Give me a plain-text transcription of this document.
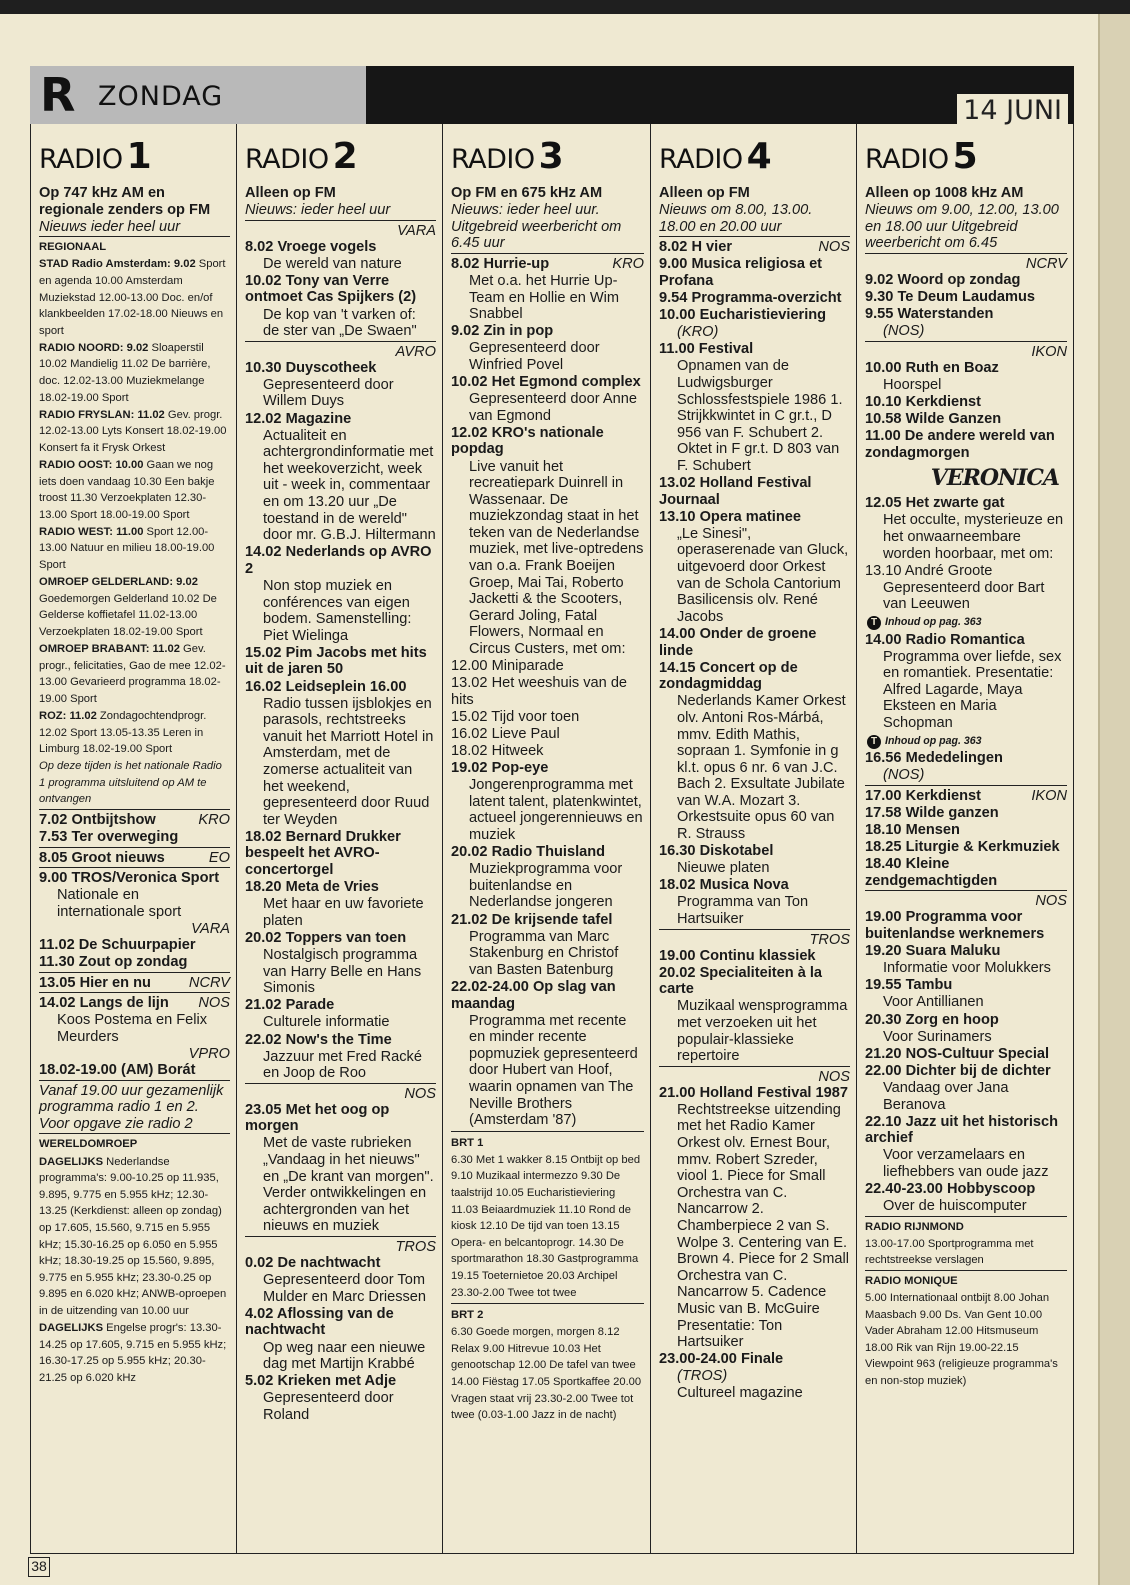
R ZONDAG	14 JUNI
RADIO 1
Op 747 kHz AM en regionale zenders op FM
Nieuws ieder heel uur
REGIONAAL
STAD Radio Amsterdam: 9.02 Sport en agenda 10.00 Amsterdam Muziekstad 12.00-13.00 Doc. en/of klankbeelden 17.02-18.00 Nieuws en sport
RADIO NOORD: 9.02 Sloaperstil 10.02 Mandielig 11.02 De barrière, doc. 12.02-13.00 Muziekmelange 18.02-19.00 Sport
RADIO FRYSLAN: 11.02 Gev. progr. 12.02-13.00 Lyts Konsert 18.02-19.00 Konsert fa it Frysk Orkest
RADIO OOST: 10.00 Gaan we nog iets doen vandaag 10.30 Een bakje troost 11.30 Verzoekplaten 12.30-13.00 Sport 18.00-19.00 Sport
RADIO WEST: 11.00 Sport 12.00-13.00 Natuur en milieu 18.00-19.00 Sport
OMROEP GELDERLAND: 9.02 Goedemorgen Gelderland 10.02 De Gelderse koffietafel 11.02-13.00 Verzoekplaten 18.02-19.00 Sport
OMROEP BRABANT: 11.02 Gev. progr., felicitaties, Gao de mee 12.02-13.00 Gevarieerd programma 18.02-19.00 Sport
ROZ: 11.02 Zondagochtendprogr. 12.02 Sport 13.05-13.35 Leren in Limburg 18.02-19.00 Sport
Op deze tijden is het nationale Radio 1 programma uitsluitend op AM te ontvangen
KRO
7.02 Ontbijtshow
7.53 Ter overweging
EO
8.05 Groot nieuws
9.00 TROS/Veronica Sport
Nationale en internationale sport
VARA
11.02 De Schuurpapier
11.30 Zout op zondag
NCRV
13.05 Hier en nu
NOS
14.02 Langs de lijn
Koos Postema en Felix Meurders
VPRO
18.02-19.00 (AM) Borát
Vanaf 19.00 uur gezamenlijk programma radio 1 en 2. Voor opgave zie radio 2
WERELDOMROEP
DAGELIJKS Nederlandse programma's: 9.00-10.25 op 11.935, 9.895, 9.775 en 5.955 kHz; 12.30-13.25 (Kerkdienst: alleen op zondag) op 17.605, 15.560, 9.715 en 5.955 kHz; 15.30-16.25 op 6.050 en 5.955 kHz; 18.30-19.25 op 15.560, 9.895, 9.775 en 5.955 kHz; 23.30-0.25 op 9.895 en 6.020 kHz; ANWB-oproepen in de uitzending van 10.00 uur
DAGELIJKS Engelse progr's: 13.30-14.25 op 17.605, 9.715 en 5.955 kHz; 16.30-17.25 op 5.955 kHz; 20.30-21.25 op 6.020 kHz
RADIO 2
Alleen op FM
Nieuws: ieder heel uur
VARA
8.02 Vroege vogels
De wereld van nature
10.02 Tony van Verre ontmoet Cas Spijkers (2)
De kop van 't varken of: de ster van „De Swaen"
AVRO
10.30 Duyscotheek
Gepresenteerd door Willem Duys
12.02 Magazine
Actualiteit en achtergrondinformatie met het weekoverzicht, week uit - week in, commentaar en om 13.20 uur „De toestand in de wereld" door mr. G.B.J. Hiltermann
14.02 Nederlands op AVRO 2
Non stop muziek en conférences van eigen bodem. Samenstelling: Piet Wielinga
15.02 Pim Jacobs met hits uit de jaren 50
16.02 Leidseplein 16.00
Radio tussen ijsblokjes en parasols, rechtstreeks vanuit het Marriott Hotel in Amsterdam, met de zomerse actualiteit van het weekend, gepresenteerd door Ruud ter Weyden
18.02 Bernard Drukker bespeelt het AVRO-concertorgel
18.20 Meta de Vries
Met haar en uw favoriete platen
20.02 Toppers van toen
Nostalgisch programma van Harry Belle en Hans Simonis
21.02 Parade
Culturele informatie
22.02 Now's the Time
Jazzuur met Fred Racké en Joop de Roo
NOS
23.05 Met het oog op morgen
Met de vaste rubrieken „Vandaag in het nieuws" en „De krant van morgen". Verder ontwikkelingen en achtergronden van het nieuws en muziek
TROS
0.02 De nachtwacht
Gepresenteerd door Tom Mulder en Marc Driessen
4.02 Aflossing van de nachtwacht
Op weg naar een nieuwe dag met Martijn Krabbé
5.02 Krieken met Adje
Gepresenteerd door Roland
RADIO 3
Op FM en 675 kHz AM
Nieuws: ieder heel uur. Uitgebreid weerbericht om 6.45 uur
KRO
8.02 Hurrie-up
Met o.a. het Hurrie Up-Team en Hollie en Wim Snabbel
9.02 Zin in pop
Gepresenteerd door Winfried Povel
10.02 Het Egmond complex
Gepresenteerd door Anne van Egmond
12.02 KRO's nationale popdag
Live vanuit het recreatiepark Duinrell in Wassenaar. De muziekzondag staat in het teken van de Nederlandse muziek, met live-optredens van o.a. Frank Boeijen Groep, Mai Tai, Roberto Jacketti & the Scooters, Gerard Joling, Fatal Flowers, Normaal en Circus Custers, met om:
12.00 Miniparade
13.02 Het weeshuis van de hits
15.02 Tijd voor toen
16.02 Lieve Paul
18.02 Hitweek
19.02 Pop-eye
Jongerenprogramma met latent talent, platenkwintet, actueel jongerennieuws en muziek
20.02 Radio Thuisland
Muziekprogramma voor buitenlandse en Nederlandse jongeren
21.02 De krijsende tafel
Programma van Marc Stakenburg en Christof van Basten Batenburg
22.02-24.00 Op slag van maandag
Programma met recente en minder recente popmuziek gepresenteerd door Hubert van Hoof, waarin opnamen van The Neville Brothers (Amsterdam '87)
BRT 1
6.30 Met 1 wakker 8.15 Ontbijt op bed 9.10 Muzikaal intermezzo 9.30 De taalstrijd 10.05 Eucharistieviering 11.03 Beiaardmuziek 11.10 Rond de kiosk 12.10 De tijd van toen 13.15 Opera- en belcantoprogr. 14.30 De sportmarathon 18.30 Gastprogramma 19.15 Toeternietoe 20.03 Archipel 23.30-2.00 Twee tot twee
BRT 2
6.30 Goede morgen, morgen 8.12 Relax 9.00 Hitrevue 10.03 Het genootschap 12.00 De tafel van twee 14.00 Fiëstag 17.05 Sportkaffee 20.00 Vragen staat vrij 23.30-2.00 Twee tot twee (0.03-1.00 Jazz in de nacht)
RADIO 4
Alleen op FM
Nieuws om 8.00, 13.00. 18.00 en 20.00 uur
NOS
8.02 H vier
9.00 Musica religiosa et Profana
9.54 Programma-overzicht
10.00 Eucharistieviering
(KRO)
11.00 Festival
Opnamen van de Ludwigsburger Schlossfestspiele 1986 1. Strijkkwintet in C gr.t., D 956 van F. Schubert 2. Oktet in F gr.t. D 803 van F. Schubert
13.02 Holland Festival Journaal
13.10 Opera matinee
„Le Sinesi", operaserenade van Gluck, uitgevoerd door Orkest van de Schola Cantorium Basilicensis olv. René Jacobs
14.00 Onder de groene linde
14.15 Concert op de zondagmiddag
Nederlands Kamer Orkest olv. Antoni Ros-Márbá, mmv. Edith Mathis, sopraan 1. Symfonie in g kl.t. opus 6 nr. 6 van J.C. Bach 2. Exsultate Jubilate van W.A. Mozart 3. Orkestsuite opus 60 van R. Strauss
16.30 Diskotabel
Nieuwe platen
18.02 Musica Nova
Programma van Ton Hartsuiker
TROS
19.00 Continu klassiek
20.02 Specialiteiten à la carte
Muzikaal wensprogramma met verzoeken uit het populair-klassieke repertoire
NOS
21.00 Holland Festival 1987
Rechtstreekse uitzending met het Radio Kamer Orkest olv. Ernest Bour, mmv. Robert Szreder, viool 1. Piece for Small Orchestra van C. Nancarrow 2. Chamberpiece 2 van S. Wolpe 3. Centering van E. Brown 4. Piece for 2 Small Orchestra van C. Nancarrow 5. Cadence Music van B. McGuire Presentatie: Ton Hartsuiker
23.00-24.00 Finale
(TROS)
Cultureel magazine
RADIO 5
Alleen op 1008 kHz AM
Nieuws om 9.00, 12.00, 13.00 en 18.00 uur Uitgebreid weerbericht om 6.45
NCRV
9.02 Woord op zondag
9.30 Te Deum Laudamus
9.55 Waterstanden
(NOS)
IKON
10.00 Ruth en Boaz
Hoorspel
10.10 Kerkdienst
10.58 Wilde Ganzen
11.00 De andere wereld van zondagmorgen
VERONICA
12.05 Het zwarte gat
Het occulte, mysterieuze en het onwaarneembare worden hoorbaar, met om:
13.10 André Groote
Gepresenteerd door Bart van Leeuwen
T Inhoud op pag. 363
14.00 Radio Romantica
Programma over liefde, sex en romantiek. Presentatie: Alfred Lagarde, Maya Eksteen en Maria Schopman
T Inhoud op pag. 363
16.56 Mededelingen
(NOS)
IKON
17.00 Kerkdienst
17.58 Wilde ganzen
18.10 Mensen
18.25 Liturgie & Kerkmuziek
18.40 Kleine zendgemachtigden
NOS
19.00 Programma voor buitenlandse werknemers
19.20 Suara Maluku
Informatie voor Molukkers
19.55 Tambu
Voor Antillianen
20.30 Zorg en hoop
Voor Surinamers
21.20 NOS-Cultuur Special
22.00 Dichter bij de dichter
Vandaag over Jana Beranova
22.10 Jazz uit het historisch archief
Voor verzamelaars en liefhebbers van oude jazz
22.40-23.00 Hobbyscoop
Over de huiscomputer
RADIO RIJNMOND
13.00-17.00 Sportprogramma met rechtstreekse verslagen
RADIO MONIQUE
5.00 Internationaal ontbijt 8.00 Johan Maasbach 9.00 Ds. Van Gent 10.00 Vader Abraham 12.00 Hitsmuseum 18.00 Rik van Rijn 19.00-22.15 Viewpoint 963 (religieuze programma's en non-stop muziek)
38
